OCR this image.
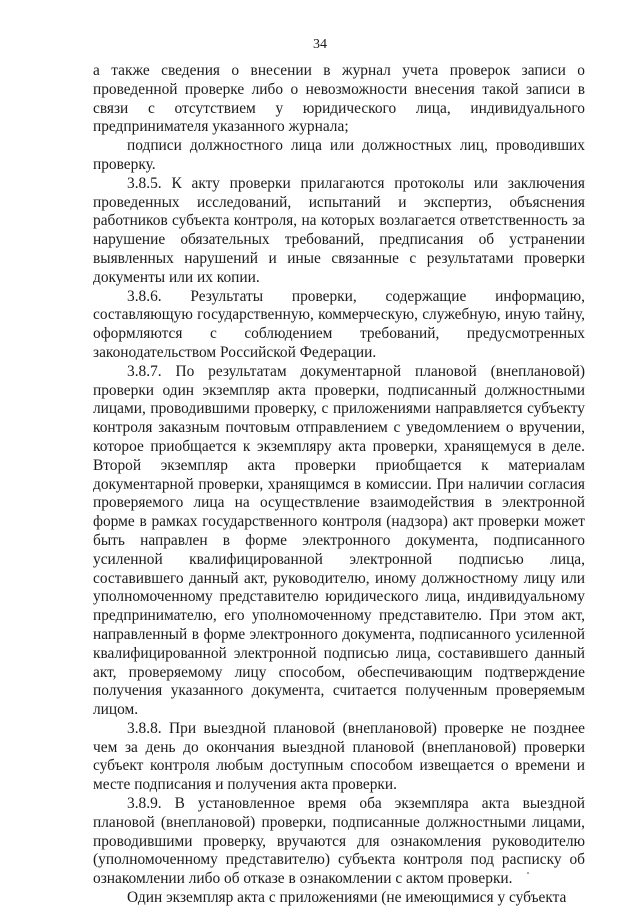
34

а также сведения о внесении в журнал учета проверок записи о проведенной проверке либо о невозможности внесения такой записи в связи с отсутствием у юридического лица, индивидуального предпринимателя указанного журнала;

подписи должностного лица или должностных лиц, проводивших проверку.

3.8.5. К акту проверки прилагаются протоколы или заключения проведенных исследований, испытаний и экспертиз, объяснения работников субъекта контроля, на которых возлагается ответственность за нарушение обязательных требований, предписания об устранении выявленных нарушений и иные связанные с результатами проверки документы или их копии.

3.8.6. Результаты проверки, содержащие информацию, составляющую государственную, коммерческую, служебную, иную тайну, оформляются с соблюдением требований, предусмотренных законодательством Российской Федерации.

3.8.7. По результатам документарной плановой (внеплановой) проверки один экземпляр акта проверки, подписанный должностными лицами, проводившими проверку, с приложениями направляется субъекту контроля заказным почтовым отправлением с уведомлением о вручении, которое приобщается к экземпляру акта проверки, хранящемуся в деле. Второй экземпляр акта проверки приобщается к материалам документарной проверки, хранящимся в комиссии. При наличии согласия проверяемого лица на осуществление взаимодействия в электронной форме в рамках государственного контроля (надзора) акт проверки может быть направлен в форме электронного документа, подписанного усиленной квалифицированной электронной подписью лица, составившего данный акт, руководителю, иному должностному лицу или уполномоченному представителю юридического лица, индивидуальному предпринимателю, его уполномоченному представителю. При этом акт, направленный в форме электронного документа, подписанного усиленной квалифицированной электронной подписью лица, составившего данный акт, проверяемому лицу способом, обеспечивающим подтверждение получения указанного документа, считается полученным проверяемым лицом.

3.8.8. При выездной плановой (внеплановой) проверке не позднее чем за день до окончания выездной плановой (внеплановой) проверки субъект контроля любым доступным способом извещается о времени и месте подписания и получения акта проверки.

3.8.9. В установленное время оба экземпляра акта выездной плановой (внеплановой) проверки, подписанные должностными лицами, проводившими проверку, вручаются для ознакомления руководителю (уполномоченному представителю) субъекта контроля под расписку об ознакомлении либо об отказе в ознакомлении с актом проверки.

Один экземпляр акта с приложениями (не имеющимися у субъекта
